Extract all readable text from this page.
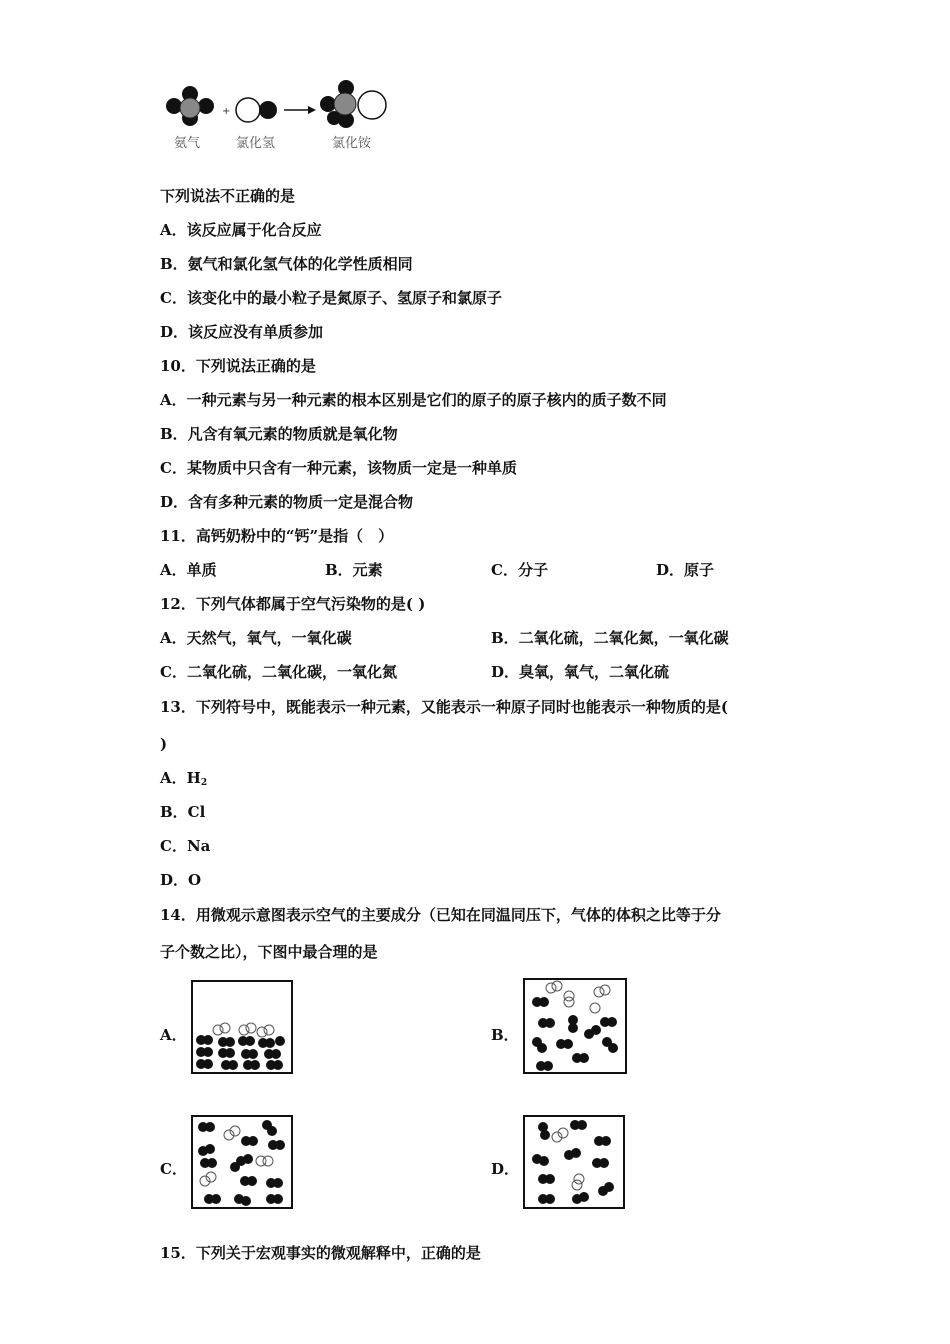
+
氨气	氯化氢	氯化铵
下列说法不正确的是
A．该反应属于化合反应
B．氨气和氯化氢气体的化学性质相同
C．该变化中的最小粒子是氮原子、氢原子和氯原子
D．该反应没有单质参加
10．下列说法正确的是
A．一种元素与另一种元素的根本区别是它们的原子的原子核内的质子数不同
B．凡含有氧元素的物质就是氧化物
C．某物质中只含有一种元素，该物质一定是一种单质
D．含有多种元素的物质一定是混合物
11．高钙奶粉中的“钙”是指（　）
A．单质	B．元素	C．分子	D．原子
12．下列气体都属于空气污染物的是( )
A．天然气，氧气，一氧化碳	B．二氧化硫，二氧化氮，一氧化碳
C．二氧化硫，二氧化碳，一氧化氮	D．臭氧，氧气，二氧化硫
13．下列符号中，既能表示一种元素，又能表示一种原子同时也能表示一种物质的是(
)
A．$H_2$
B．Cl
C．Na
D．O
14．用微观示意图表示空气的主要成分（已知在同温同压下，气体的体积之比等于分
子个数之比），下图中最合理的是
A．	B．
C．	D．
15．下列关于宏观事实的微观解释中，正确的是
